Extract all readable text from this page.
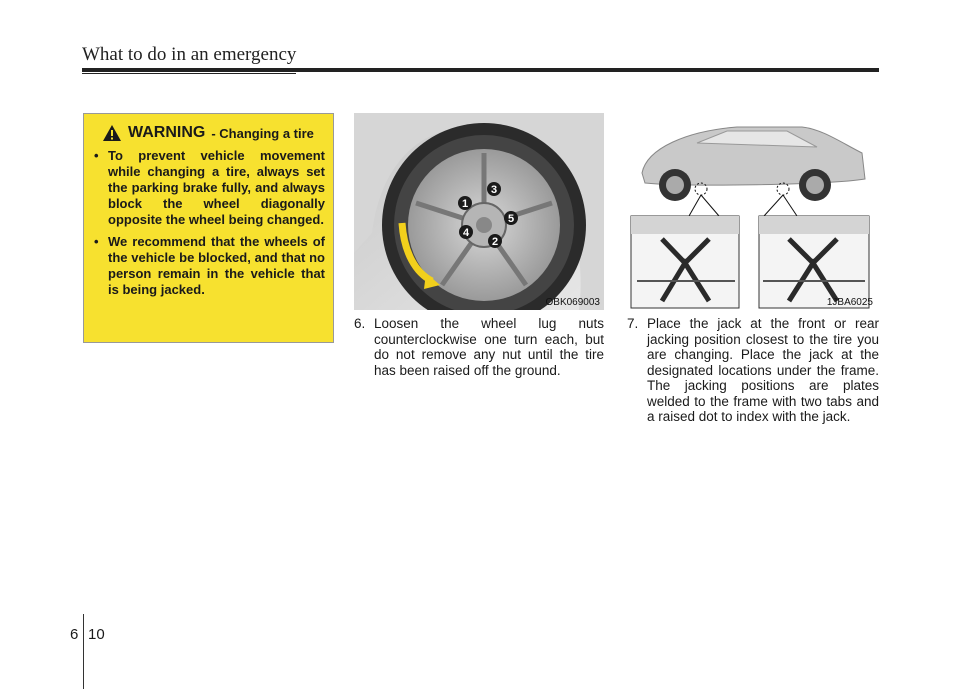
What to do in an emergency
WARNING - Changing a tire
• To prevent vehicle movement while changing a tire, always set the parking brake fully, and always block the wheel diagonally opposite the wheel being changed.
• We recommend that the wheels of the vehicle be blocked, and that no person remain in the vehicle that is being jacked.
1
3
5
2
4
OBK069003	1JBA6025
6. Loosen the wheel lug nuts counterclockwise one turn each, but do not remove any nut until the tire has been raised off the ground.
7. Place the jack at the front or rear jacking position closest to the tire you are changing. Place the jack at the designated locations under the frame. The jacking positions are plates welded to the frame with two tabs and a raised dot to index with the jack.
6 10
